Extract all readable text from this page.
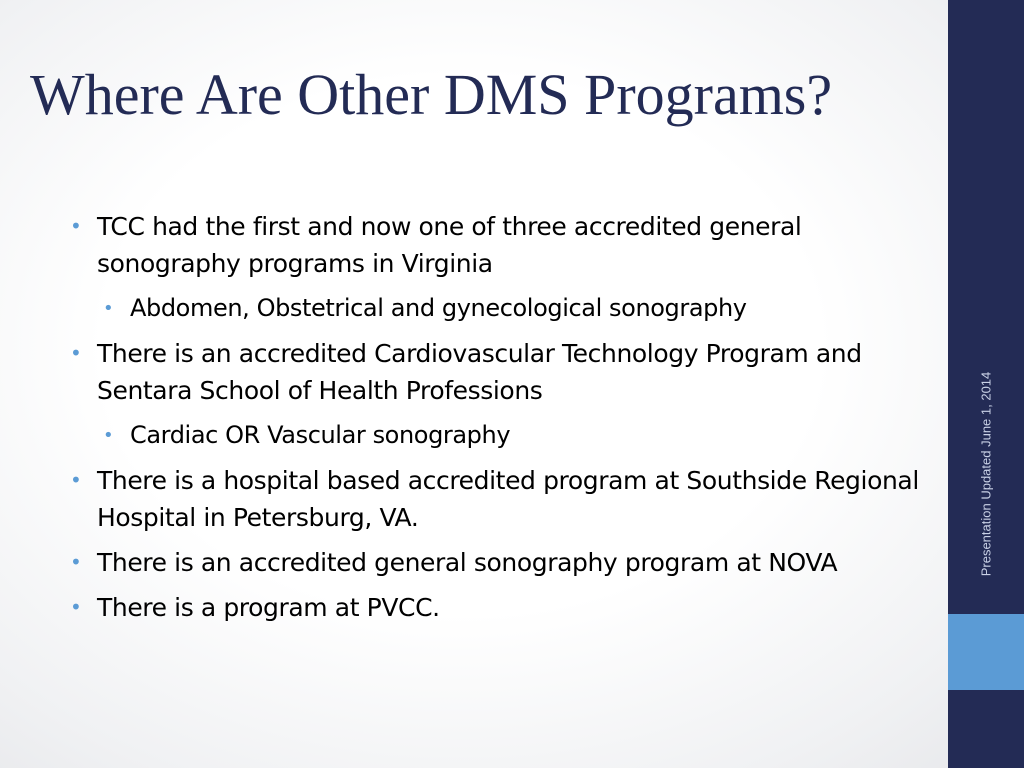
Where Are Other DMS Programs?
• TCC had the first and now one of three accredited general sonography programs in Virginia
• Abdomen, Obstetrical and gynecological sonography
• There is an accredited Cardiovascular Technology Program and Sentara School of Health Professions
• Cardiac OR Vascular sonography
• There is a hospital based accredited program at Southside Regional Hospital in Petersburg, VA.
• There is an accredited general sonography program at NOVA
• There is a program at PVCC.
Presentation Updated June 1, 2014
